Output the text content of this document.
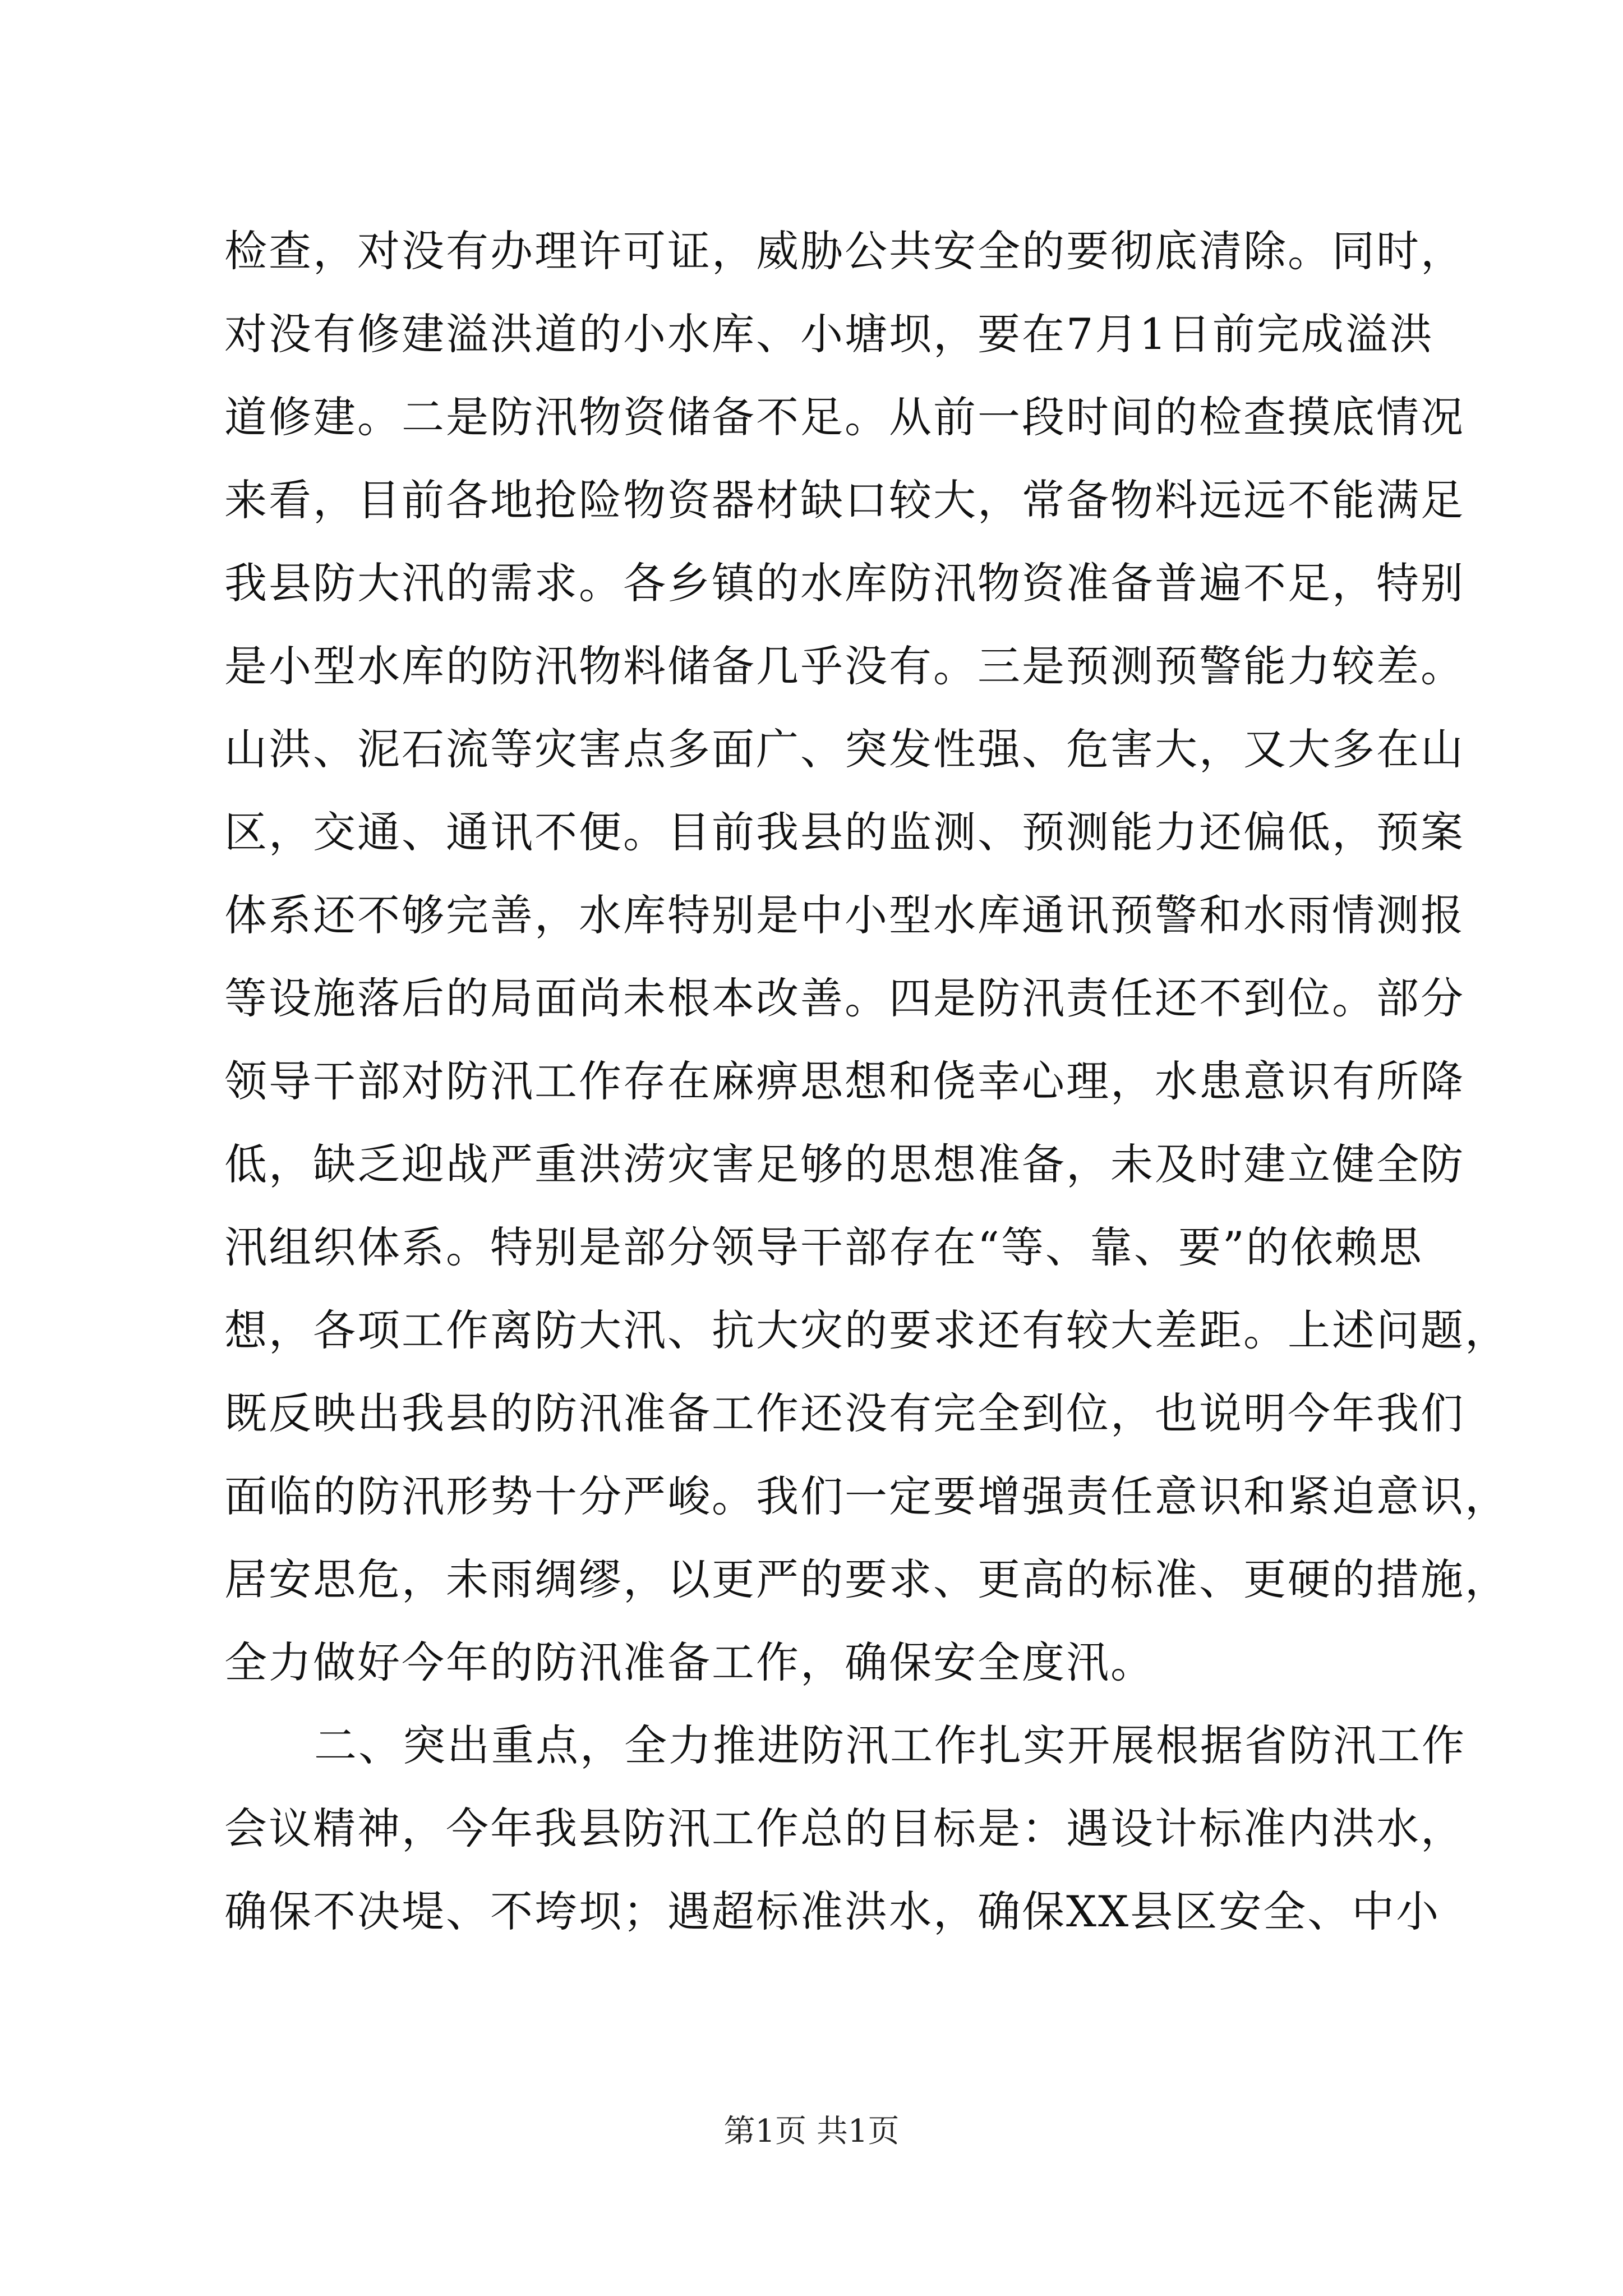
检查，对没有办理许可证，威胁公共安全的要彻底清除。同时，
对没有修建溢洪道的小水库、小塘坝，要在7月1日前完成溢洪
道修建。二是防汛物资储备不足。从前一段时间的检查摸底情况
来看，目前各地抢险物资器材缺口较大，常备物料远远不能满足
我县防大汛的需求。各乡镇的水库防汛物资准备普遍不足，特别
是小型水库的防汛物料储备几乎没有。三是预测预警能力较差。
山洪、泥石流等灾害点多面广、突发性强、危害大，又大多在山
区，交通、通讯不便。目前我县的监测、预测能力还偏低，预案
体系还不够完善，水库特别是中小型水库通讯预警和水雨情测报
等设施落后的局面尚未根本改善。四是防汛责任还不到位。部分
领导干部对防汛工作存在麻痹思想和侥幸心理，水患意识有所降
低，缺乏迎战严重洪涝灾害足够的思想准备，未及时建立健全防
汛组织体系。特别是部分领导干部存在“等、靠、要”的依赖思
想，各项工作离防大汛、抗大灾的要求还有较大差距。上述问题，
既反映出我县的防汛准备工作还没有完全到位，也说明今年我们
面临的防汛形势十分严峻。我们一定要增强责任意识和紧迫意识，
居安思危，未雨绸缪，以更严的要求、更高的标准、更硬的措施，
全力做好今年的防汛准备工作，确保安全度汛。
二、突出重点，全力推进防汛工作扎实开展根据省防汛工作
会议精神，今年我县防汛工作总的目标是：遇设计标准内洪水，
确保不决堤、不垮坝；遇超标准洪水，确保XX县区安全、中小
第1页 共1页
